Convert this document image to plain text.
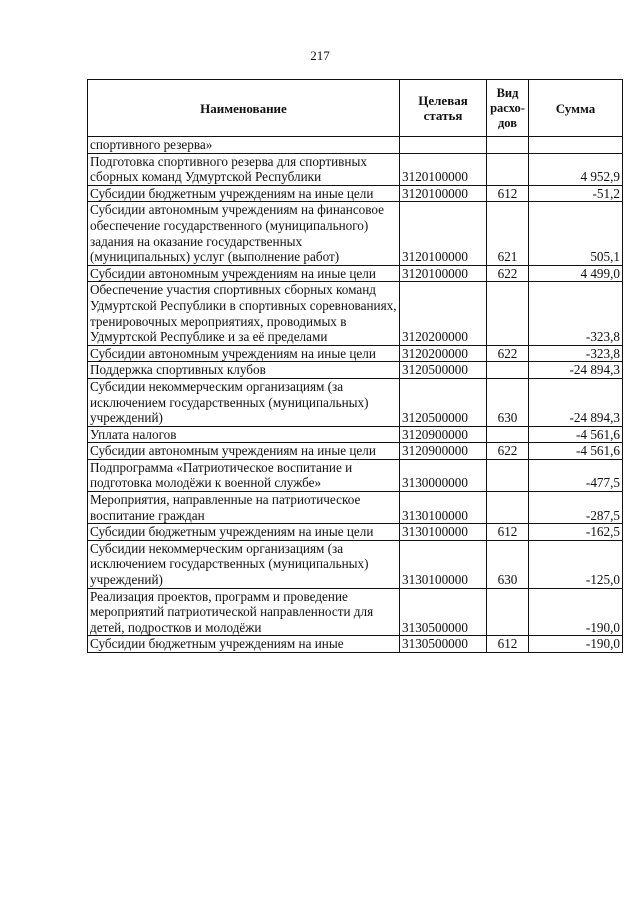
217
Наименование	Целевая статья	Вид расхо-дов	Сумма
спортивного резерва»			
Подготовка спортивного резерва для спортивных сборных команд Удмуртской Республики	3120100000		4 952,9
Субсидии бюджетным учреждениям на иные цели	3120100000	612	-51,2
Субсидии автономным учреждениям на финансовое обеспечение государственного (муниципального) задания на оказание государственных (муниципальных) услуг (выполнение работ)	3120100000	621	505,1
Субсидии автономным учреждениям на иные цели	3120100000	622	4 499,0
Обеспечение участия спортивных сборных команд Удмуртской Республики в спортивных соревнованиях, тренировочных мероприятиях, проводимых в Удмуртской Республике и за её пределами	3120200000		-323,8
Субсидии автономным учреждениям на иные цели	3120200000	622	-323,8
Поддержка спортивных клубов	3120500000		-24 894,3
Субсидии некоммерческим организациям (за исключением государственных (муниципальных) учреждений)	3120500000	630	-24 894,3
Уплата налогов	3120900000		-4 561,6
Субсидии автономным учреждениям на иные цели	3120900000	622	-4 561,6
Подпрограмма «Патриотическое воспитание и подготовка молодёжи к военной службе»	3130000000		-477,5
Мероприятия, направленные на патриотическое воспитание граждан	3130100000		-287,5
Субсидии бюджетным учреждениям на иные цели	3130100000	612	-162,5
Субсидии некоммерческим организациям (за исключением государственных (муниципальных) учреждений)	3130100000	630	-125,0
Реализация проектов, программ и проведение мероприятий патриотической направленности для детей, подростков и молодёжи	3130500000		-190,0
Субсидии бюджетным учреждениям на иные	3130500000	612	-190,0
